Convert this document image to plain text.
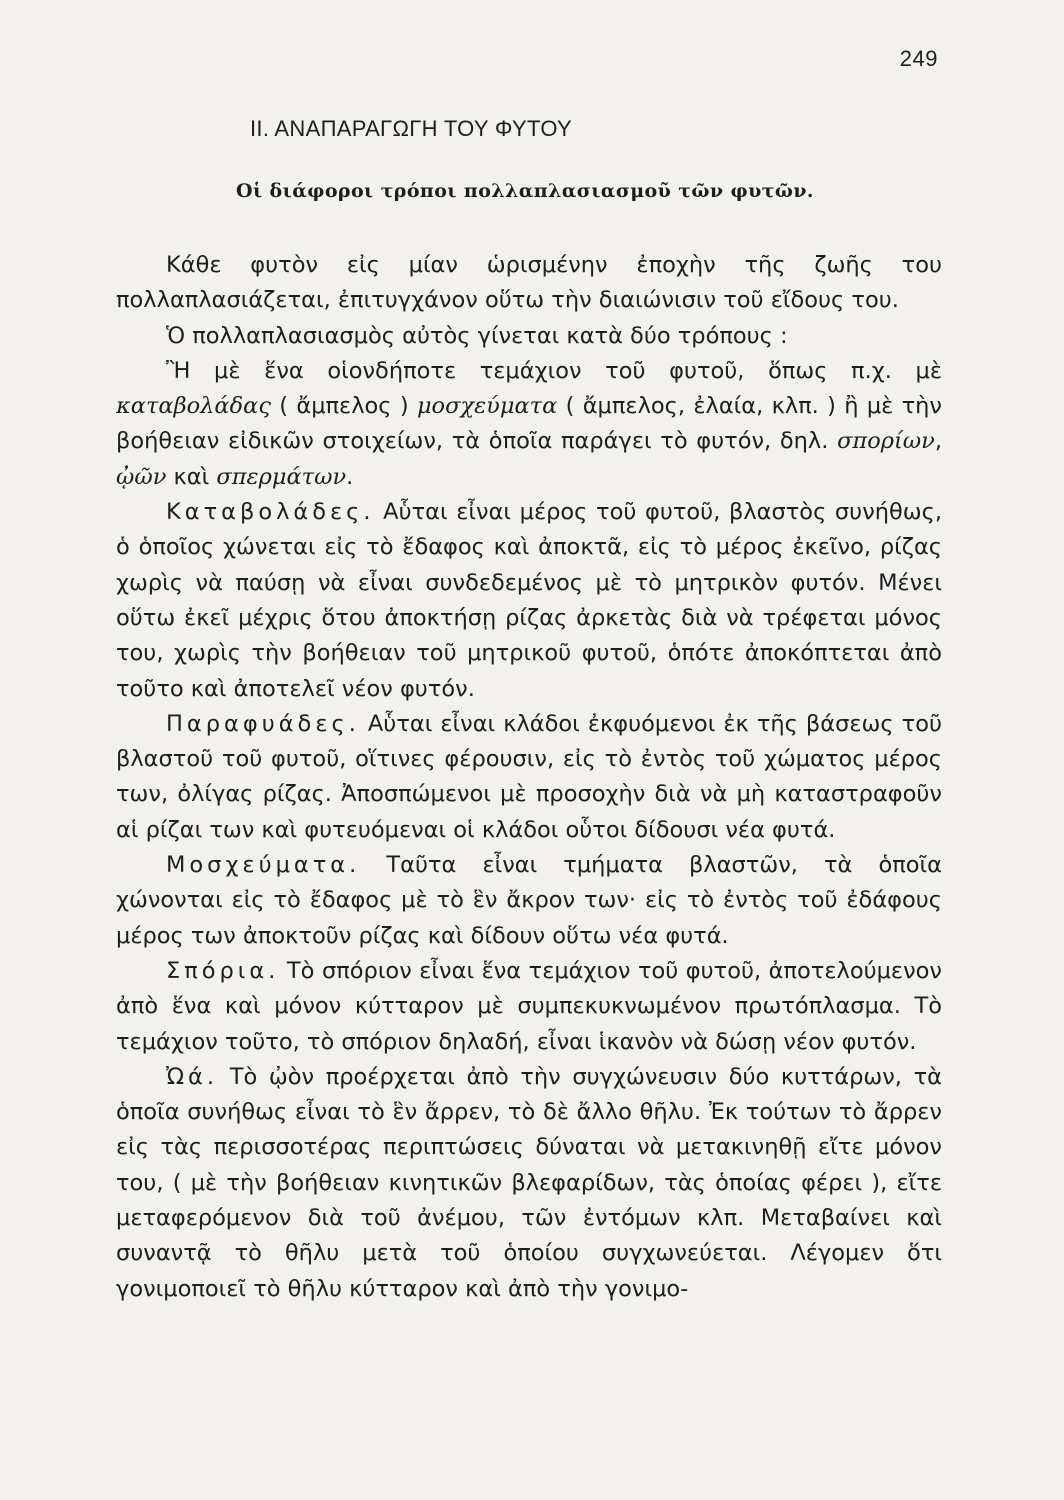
249
ΙΙ. ΑΝΑΠΑΡΑΓΩΓΗ ΤΟΥ ΦΥΤΟΥ
Οἱ διάφοροι τρόποι πολλαπλασιασμοῦ τῶν φυτῶν.

Κάθε φυτὸν εἰς μίαν ὡρισμένην ἐποχὴν τῆς ζωῆς του πολλαπλασιάζεται, ἐπιτυγχάνον οὕτω τὴν διαιώνισιν τοῦ εἴδους του.

Ὁ πολλαπλασιασμὸς αὐτὸς γίνεται κατὰ δύο τρόπους :

Ἢ μὲ ἕνα οἱονδήποτε τεμάχιον τοῦ φυτοῦ, ὅπως π.χ. μὲ καταβολάδας ( ἄμπελος ) μοσχεύματα ( ἄμπελος, ἐλαία, κλπ. ) ἢ μὲ τὴν βοήθειαν εἰδικῶν στοιχείων, τὰ ὁποῖα παράγει τὸ φυτόν, δηλ. σπορίων, ᾠῶν καὶ σπερμάτων.

Καταβολάδες. Αὗται εἶναι μέρος τοῦ φυτοῦ, βλαστὸς συνήθως, ὁ ὁποῖος χώνεται εἰς τὸ ἔδαφος καὶ ἀποκτᾶ, εἰς τὸ μέρος ἐκεῖνο, ρίζας χωρὶς νὰ παύσῃ νὰ εἶναι συνδεδεμένος μὲ τὸ μητρικὸν φυτόν. Μένει οὕτω ἐκεῖ μέχρις ὅτου ἀποκτήσῃ ρίζας ἀρκετὰς διὰ νὰ τρέφεται μόνος του, χωρὶς τὴν βοήθειαν τοῦ μητρικοῦ φυτοῦ, ὁπότε ἀποκόπτεται ἀπὸ τοῦτο καὶ ἀποτελεῖ νέον φυτόν.

Παραφυάδες. Αὗται εἶναι κλάδοι ἐκφυόμενοι ἐκ τῆς βάσεως τοῦ βλαστοῦ τοῦ φυτοῦ, οἵτινες φέρουσιν, εἰς τὸ ἐντὸς τοῦ χώματος μέρος των, ὀλίγας ρίζας. Ἀποσπώμενοι μὲ προσοχὴν διὰ νὰ μὴ καταστραφοῦν αἱ ρίζαι των καὶ φυτευόμεναι οἱ κλάδοι οὗτοι δίδουσι νέα φυτά.

Μοσχεύματα. Ταῦτα εἶναι τμήματα βλαστῶν, τὰ ὁποῖα χώνονται εἰς τὸ ἔδαφος μὲ τὸ ἓν ἄκρον των· εἰς τὸ ἐντὸς τοῦ ἐδάφους μέρος των ἀποκτοῦν ρίζας καὶ δίδουν οὕτω νέα φυτά.

Σπόρια. Τὸ σπόριον εἶναι ἕνα τεμάχιον τοῦ φυτοῦ, ἀποτελούμενον ἀπὸ ἕνα καὶ μόνον κύτταρον μὲ συμπεκυκνωμένον πρωτόπλασμα. Τὸ τεμάχιον τοῦτο, τὸ σπόριον δηλαδή, εἶναι ἱκανὸν νὰ δώσῃ νέον φυτόν.

Ὠά. Τὸ ᾠὸν προέρχεται ἀπὸ τὴν συγχώνευσιν δύο κυττάρων, τὰ ὁποῖα συνήθως εἶναι τὸ ἓν ἄρρεν, τὸ δὲ ἄλλο θῆλυ. Ἐκ τούτων τὸ ἄρρεν εἰς τὰς περισσοτέρας περιπτώσεις δύναται νὰ μετακινηθῇ εἴτε μόνον του, ( μὲ τὴν βοήθειαν κινητικῶν βλεφαρίδων, τὰς ὁποίας φέρει ), εἴτε μεταφερόμενον διὰ τοῦ ἀνέμου, τῶν ἐντόμων κλπ. Μεταβαίνει καὶ συναντᾷ τὸ θῆλυ μετὰ τοῦ ὁποίου συγχωνεύεται. Λέγομεν ὅτι γονιμοποιεῖ τὸ θῆλυ κύτταρον καὶ ἀπὸ τὴν γονιμο-
